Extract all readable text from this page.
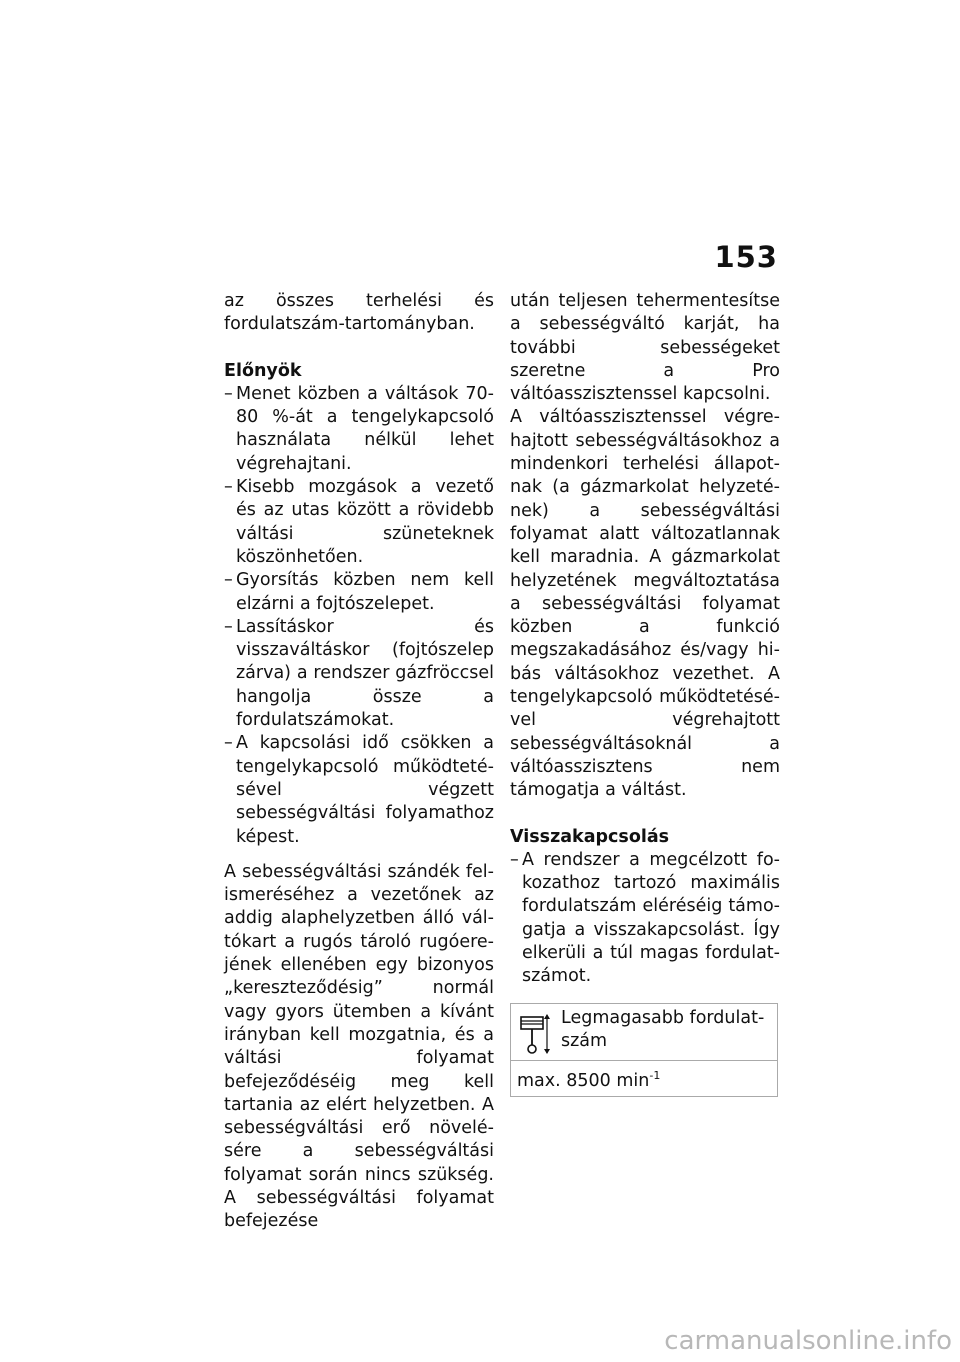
153

az összes terhelési és fordulatszám-tartományban.

Előnyök
– Menet közben a váltások 70-80 %-át a tengelykapcsoló használata nélkül lehet végrehajtani.
– Kisebb mozgások a vezető és az utas között a rövidebb váltási szüneteknek köszönhetően.
– Gyorsítás közben nem kell elzárni a fojtószelepet.
– Lassításkor és visszaváltáskor (fojtószelep zárva) a rendszer gázfröccsel hangolja össze a fordulatszámokat.
– A kapcsolási idő csökken a tengelykapcsoló működtetésével végzett sebességváltási folyamathoz képest.

A sebességváltási szándék felismeréséhez a vezetőnek az addig alaphelyzetben álló váltókart a rugós tároló rugóerejének ellenében egy bizonyos „kereszteződésig” normál vagy gyors ütemben a kívánt irányban kell mozgatnia, és a váltási folyamat befejeződéséig meg kell tartania az elért helyzetben. A sebességváltási erő növelésére a sebességváltási folyamat során nincs szükség. A sebességváltási folyamat befejezése

után teljesen tehermentesítse a sebességváltó karját, ha további sebességeket szeretne a Pro váltóasszisztenssel kapcsolni.

A váltóasszisztenssel végrehajtott sebességváltásokhoz a mindenkori terhelési állapotnak (a gázmarkolat helyzetének) a sebességváltási folyamat alatt változatlannak kell maradnia. A gázmarkolat helyzetének megváltoztatása a sebességváltási folyamat közben a funkció megszakadásához és/vagy hibás váltásokhoz vezethet. A tengelykapcsoló működtetésével végrehajtott sebességváltásoknál a váltóasszisztens nem támogatja a váltást.

Visszakapcsolás
– A rendszer a megcélzott fokozathoz tartozó maximális fordulatszám eléréséig támogatja a visszakapcsolást. Így elkerüli a túl magas fordulatszámot.
Legmagasabb fordulatszám

max. 8500 $\min^{-1}$
carmanualsonline.info
